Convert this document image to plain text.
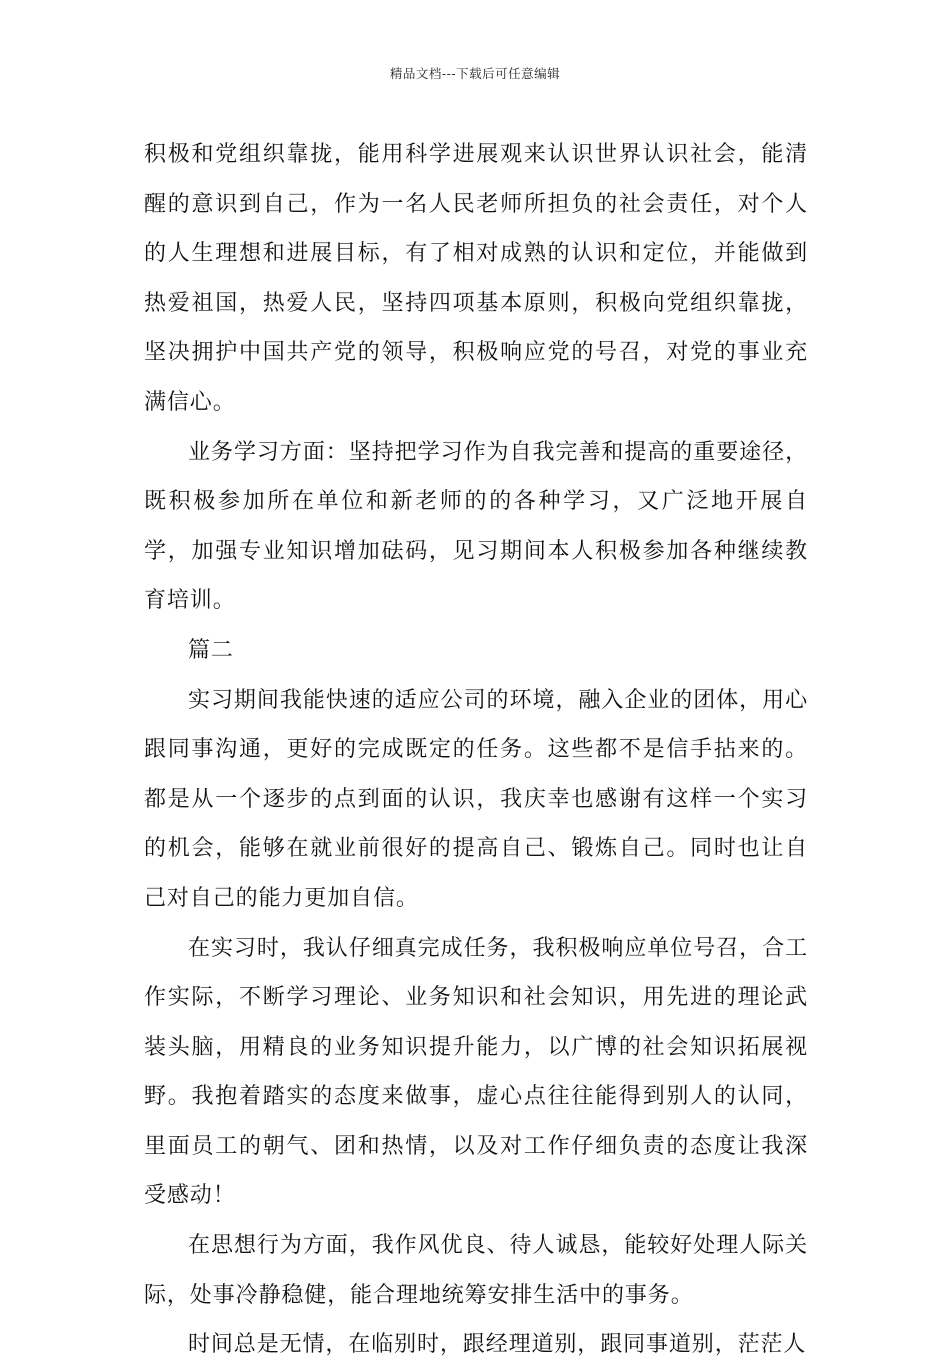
精品文档---下载后可任意编辑

积极和党组织靠拢，能用科学进展观来认识世界认识社会，能清醒的意识到自己，作为一名人民老师所担负的社会责任，对个人的人生理想和进展目标，有了相对成熟的认识和定位，并能做到热爱祖国，热爱人民，坚持四项基本原则，积极向党组织靠拢，坚决拥护中国共产党的领导，积极响应党的号召，对党的事业充满信心。

业务学习方面：坚持把学习作为自我完善和提高的重要途径，既积极参加所在单位和新老师的的各种学习，又广泛地开展自学，加强专业知识增加砝码，见习期间本人积极参加各种继续教育培训。

篇二

实习期间我能快速的适应公司的环境，融入企业的团体，用心跟同事沟通，更好的完成既定的任务。这些都不是信手拈来的。都是从一个逐步的点到面的认识，我庆幸也感谢有这样一个实习的机会，能够在就业前很好的提高自己、锻炼自己。同时也让自己对自己的能力更加自信。

在实习时，我认仔细真完成任务，我积极响应单位号召，合工作实际，不断学习理论、业务知识和社会知识，用先进的理论武装头脑，用精良的业务知识提升能力，以广博的社会知识拓展视野。我抱着踏实的态度来做事，虚心点往往能得到别人的认同，里面员工的朝气、团和热情，以及对工作仔细负责的态度让我深受感动！

在思想行为方面，我作风优良、待人诚恳，能较好处理人际关际，处事冷静稳健，能合理地统筹安排生活中的事务。

时间总是无情，在临别时，跟经理道别，跟同事道别，茫茫人
